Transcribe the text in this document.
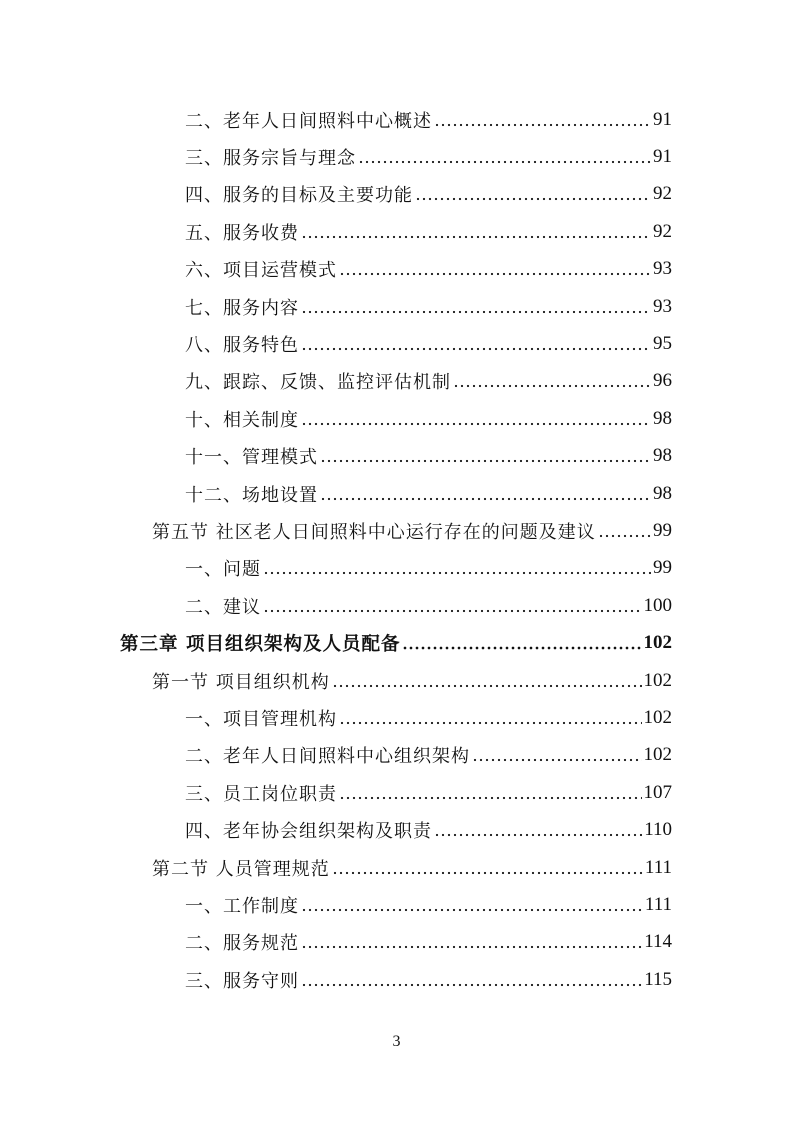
二、老年人日间照料中心概述	91
三、服务宗旨与理念	91
四、服务的目标及主要功能	92
五、服务收费	92
六、项目运营模式	93
七、服务内容	93
八、服务特色	95
九、跟踪、反馈、监控评估机制	96
十、相关制度	98
十一、管理模式	98
十二、场地设置	98
第五节 社区老人日间照料中心运行存在的问题及建议	99
一、问题	99
二、建议	100
第三章 项目组织架构及人员配备	102
第一节 项目组织机构	102
一、项目管理机构	102
二、老年人日间照料中心组织架构	102
三、员工岗位职责	107
四、老年协会组织架构及职责	110
第二节 人员管理规范	111
一、工作制度	111
二、服务规范	114
三、服务守则	115
3
